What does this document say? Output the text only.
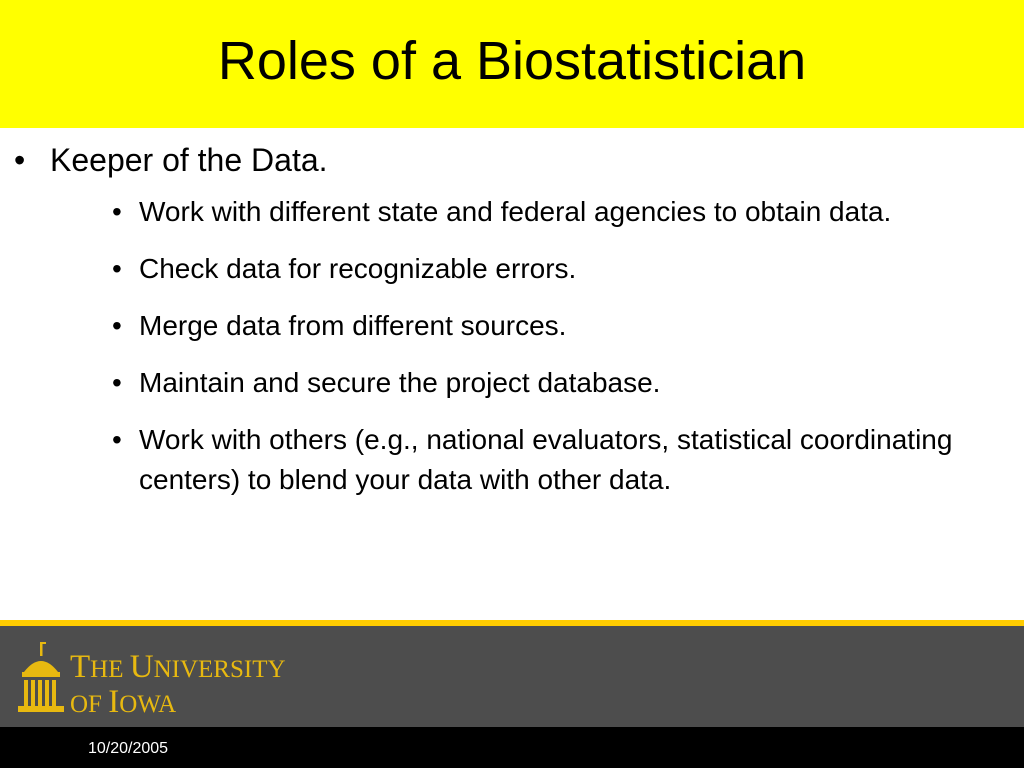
Roles of a Biostatistician
• Keeper of the Data.
• Work with different state and federal agencies to obtain data.
• Check data for recognizable errors.
• Merge data from different sources.
• Maintain and secure the project database.
• Work with others (e.g., national evaluators, statistical coordinating centers) to blend your data with other data.
THE UNIVERSITY
OF IOWA
10/20/2005
